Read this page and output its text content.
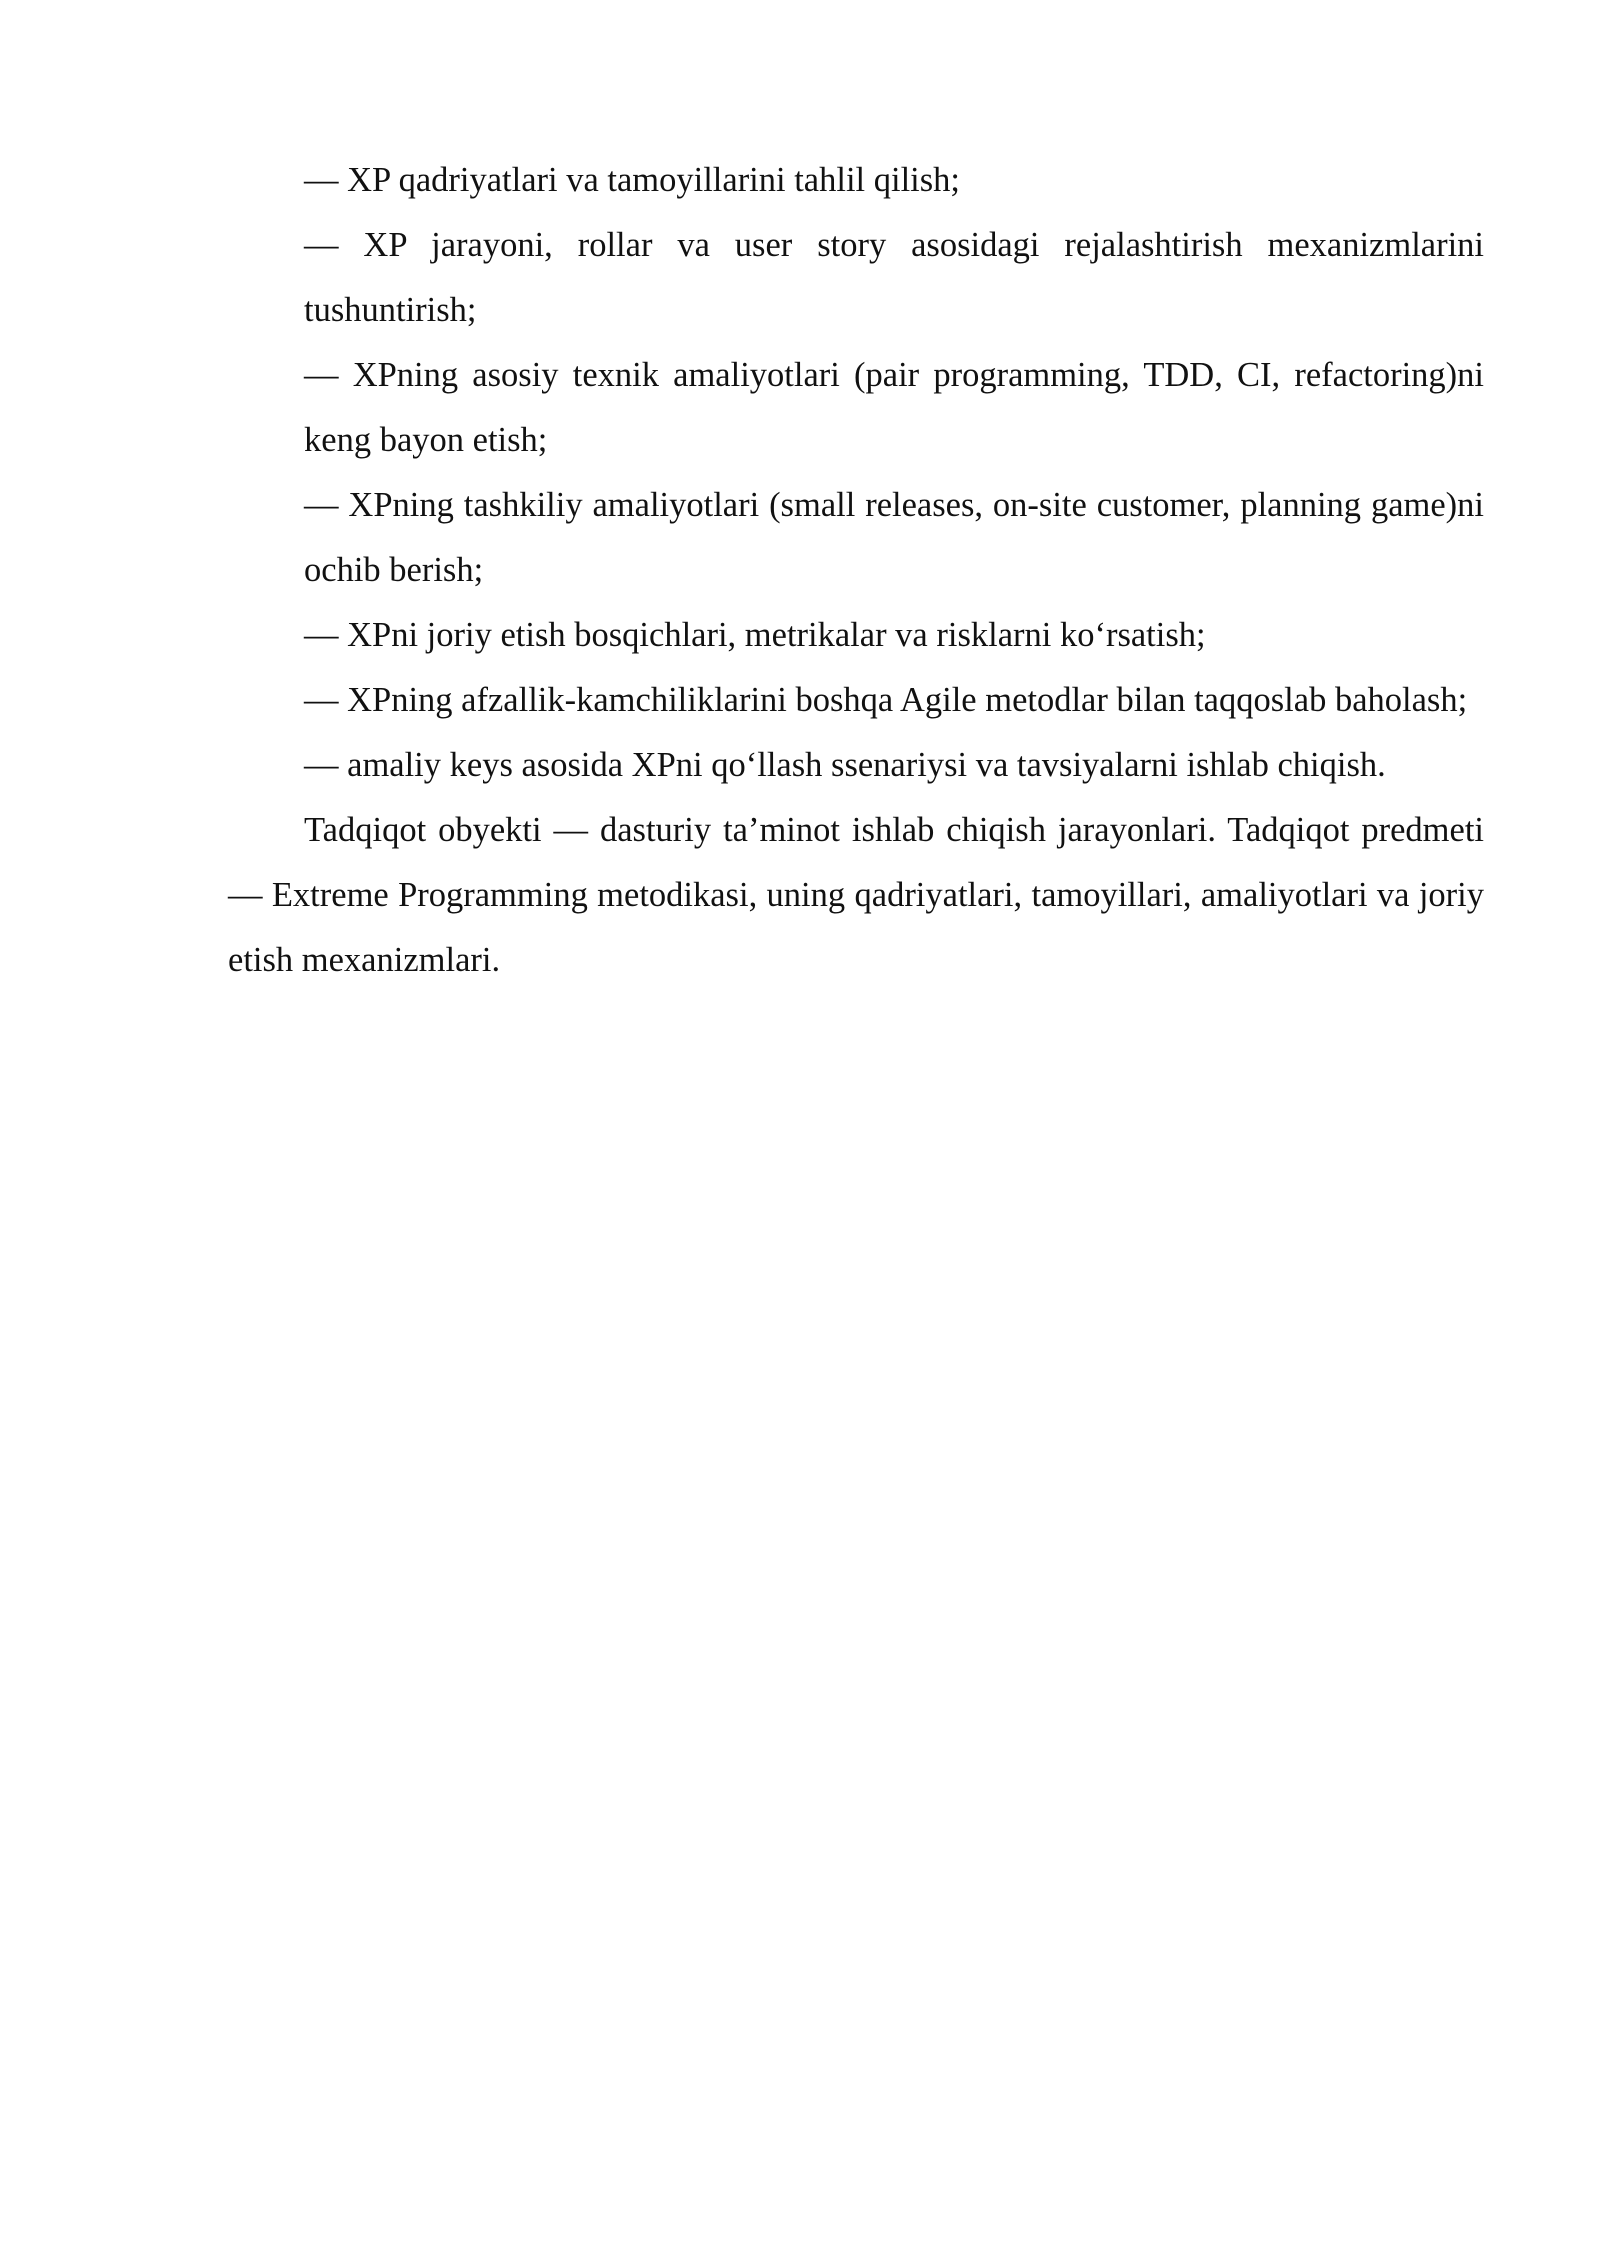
— XP qadriyatlari va tamoyillarini tahlil qilish;

— XP jarayoni, rollar va user story asosidagi rejalashtirish mexanizmlarini tushuntirish;

— XPning asosiy texnik amaliyotlari (pair programming, TDD, CI, refactoring)ni keng bayon etish;

— XPning tashkiliy amaliyotlari (small releases, on-site customer, planning game)ni ochib berish;

— XPni joriy etish bosqichlari, metrikalar va risklarni ko‘rsatish;

— XPning afzallik-kamchiliklarini boshqa Agile metodlar bilan taqqoslab baholash;

— amaliy keys asosida XPni qo‘llash ssenariysi va tavsiyalarni ishlab chiqish.

Tadqiqot obyekti — dasturiy ta’minot ishlab chiqish jarayonlari. Tadqiqot predmeti — Extreme Programming metodikasi, uning qadriyatlari, tamoyillari, amaliyotlari va joriy etish mexanizmlari.
